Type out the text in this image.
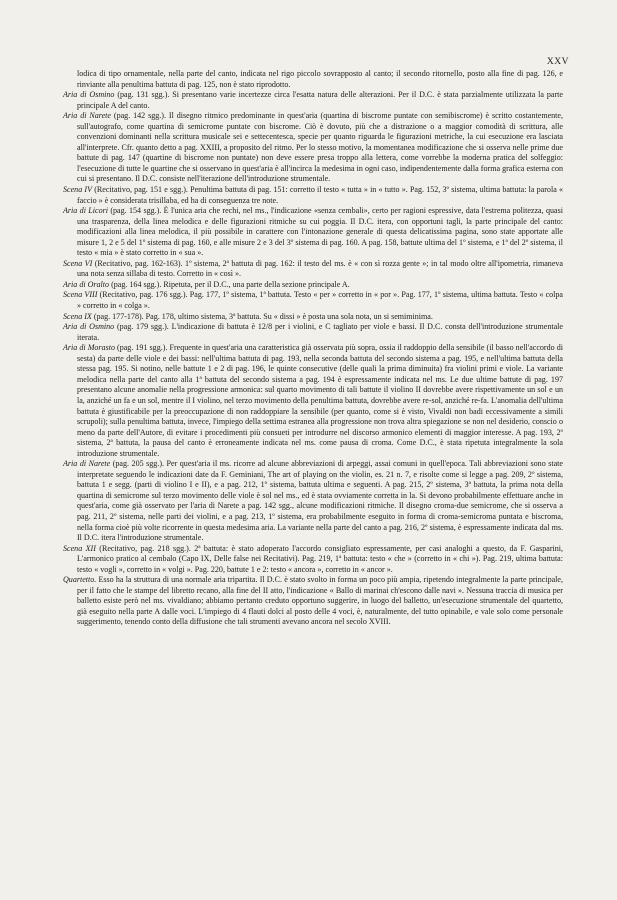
XXV

lodica di tipo ornamentale, nella parte del canto, indicata nel rigo piccolo sovrapposto al canto; il secondo ritornello, posto alla fine di pag. 126, e rinviante alla penultima battuta di pag. 125, non è stato riprodotto.

Aria di Osmino (pag. 131 sgg.). Si presentano varie incertezze circa l'esatta natura delle alterazioni. Per il D.C. è stata parzialmente utilizzata la parte principale A del canto.

Aria di Narete (pag. 142 sgg.). Il disegno ritmico predominante in quest'aria (quartina di biscrome puntate con semibiscrome) è scritto costantemente, sull'autografo, come quartina di semicrome puntate con biscrome. Ciò è dovuto, più che a distrazione o a maggior comodità di scrittura, alle convenzioni dominanti nella scrittura musicale sei e settecentesca, specie per quanto riguarda le figurazioni metriche, la cui esecuzione era lasciata all'interprete. Cfr. quanto detto a pag. XXIII, a proposito del ritmo. Per lo stesso motivo, la momentanea modificazione che si osserva nelle prime due battute di pag. 147 (quartine di biscrome non puntate) non deve essere presa troppo alla lettera, come vorrebbe la moderna pratica del solfeggio: l'esecuzione di tutte le quartine che si osservano in quest'aria è all'incirca la medesima in ogni caso, indipendentemente dalla forma grafica esterna con cui si presentano. Il D.C. consiste nell'iterazione dell'introduzione strumentale.

Scena IV (Recitativo, pag. 151 e sgg.). Penultima battuta di pag. 151: corretto il testo « tutta » in « tutto ». Pag. 152, 3º sistema, ultima battuta: la parola « faccio » è considerata trisillaba, ed ha di conseguenza tre note.

Aria di Licori (pag. 154 sgg.). È l'unica aria che rechi, nel ms., l'indicazione «senza cembali», certo per ragioni espressive, data l'estrema politezza, quasi una trasparenza, della linea melodica e delle figurazioni ritmiche su cui poggia. Il D.C. itera, con opportuni tagli, la parte principale del canto: modificazioni alla linea melodica, il più possibile in carattere con l'intonazione generale di questa delicatissima pagina, sono state apportate alle misure 1, 2 e 5 del 1º sistema di pag. 160, e alle misure 2 e 3 del 3º sistema di pag. 160. A pag. 158, battute ultima del 1º sistema, e 1ª del 2º sistema, il testo « mia » è stato corretto in « sua ».

Scena VI (Recitativo, pag. 162-163). 1º sistema, 2ª battuta di pag. 162: il testo del ms. è « con sì rozza gente »; in tal modo oltre all'ipometria, rimaneva una nota senza sillaba di testo. Corretto in « così ».

Aria di Oralto (pag. 164 sgg.). Ripetuta, per il D.C., una parte della sezione principale A.

Scena VIII (Recitativo, pag. 176 sgg.). Pag. 177, 1º sistema, 1ª battuta. Testo « per » corretto in « por ». Pag. 177, 1º sistema, ultima battuta. Testo « colpa » corretto in « colga ».

Scena IX (pag. 177-178). Pag. 178, ultimo sistema, 3ª battuta. Su « dissi » è posta una sola nota, un si semiminima.

Aria di Osmino (pag. 179 sgg.). L'indicazione di battuta è 12/8 per i violini, e C tagliato per viole e bassi. Il D.C. consta dell'introduzione strumentale iterata.

Aria di Morasto (pag. 191 sgg.). Frequente in quest'aria una caratteristica già osservata più sopra, ossia il raddoppio della sensibile (il basso nell'accordo di sesta) da parte delle viole e dei bassi: nell'ultima battuta di pag. 193, nella seconda battuta del secondo sistema a pag. 195, e nell'ultima battuta della stessa pag. 195. Si notino, nelle battute 1 e 2 di pag. 196, le quinte consecutive (delle quali la prima diminuita) fra violini primi e viole. La variante melodica nella parte del canto alla 1ª battuta del secondo sistema a pag. 194 è espressamente indicata nel ms. Le due ultime battute di pag. 197 presentano alcune anomalie nella progressione armonica: sul quarto movimento di tali battute il violino II dovrebbe avere rispettivamente un sol e un la, anziché un fa e un sol, mentre il I violino, nel terzo movimento della penultima battuta, dovrebbe avere re-sol, anziché re-fa. L'anomalia dell'ultima battuta è giustificabile per la preoccupazione di non raddoppiare la sensibile (per quanto, come si è visto, Vivaldi non badi eccessivamente a simili scrupoli); sulla penultima battuta, invece, l'impiego della settima estranea alla progressione non trova altra spiegazione se non nel desiderio, conscio o meno da parte dell'Autore, di evitare i procedimenti più consueti per introdurre nel discorso armonico elementi di maggior interesse. A pag. 193, 2º sistema, 2ª battuta, la pausa del canto è erroneamente indicata nel ms. come pausa di croma. Come D.C., è stata ripetuta integralmente la sola introduzione strumentale.

Aria di Narete (pag. 205 sgg.). Per quest'aria il ms. ricorre ad alcune abbreviazioni di arpeggi, assai comuni in quell'epoca. Tali abbreviazioni sono state interpretate seguendo le indicazioni date da F. Geminiani, The art of playing on the violin, es. 21 n. 7, e risolte come si legge a pag. 209, 2º sistema, battuta 1 e segg. (parti di violino I e II), e a pag. 212, 1º sistema, battuta ultima e seguenti. A pag. 215, 2º sistema, 3ª battuta, la prima nota della quartina di semicrome sul terzo movimento delle viole è sol nel ms., ed è stata ovviamente corretta in la. Si devono probabilmente effettuare anche in quest'aria, come già osservato per l'aria di Narete a pag. 142 sgg., alcune modificazioni ritmiche. Il disegno croma-due semicrome, che si osserva a pag. 211, 2º sistema, nelle parti dei violini, e a pag. 213, 1º sistema, era probabilmente eseguito in forma di croma-semicroma puntata e biscroma, nella forma cioè più volte ricorrente in questa medesima aria. La variante nella parte del canto a pag. 216, 2º sistema, è espressamente indicata dal ms. Il D.C. itera l'introduzione strumentale.

Scena XII (Recitativo, pag. 218 sgg.). 2ª battuta: è stato adoperato l'accordo consigliato espressamente, per casi analoghi a questo, da F. Gasparini, L'armonico pratico al cembalo (Capo IX, Delle false nei Recitativi). Pag. 219, 1ª battuta: testo « che » (corretto in « chi »). Pag. 219, ultima battuta: testo « vogli », corretto in « volgi ». Pag. 220, battute 1 e 2: testo « ancora », corretto in « ancor ».

Quartetto. Esso ha la struttura di una normale aria tripartita. Il D.C. è stato svolto in forma un poco più ampia, ripetendo integralmente la parte principale, per il fatto che le stampe del libretto recano, alla fine del II atto, l'indicazione « Ballo di marinai ch'escono dalle navi ». Nessuna traccia di musica per balletto esiste però nel ms. vivaldiano; abbiamo pertanto creduto opportuno suggerire, in luogo del balletto, un'esecuzione strumentale del quartetto, già eseguito nella parte A dalle voci. L'impiego di 4 flauti dolci al posto delle 4 voci, è, naturalmente, del tutto opinabile, e vale solo come personale suggerimento, tenendo conto della diffusione che tali strumenti avevano ancora nel secolo XVIII.
